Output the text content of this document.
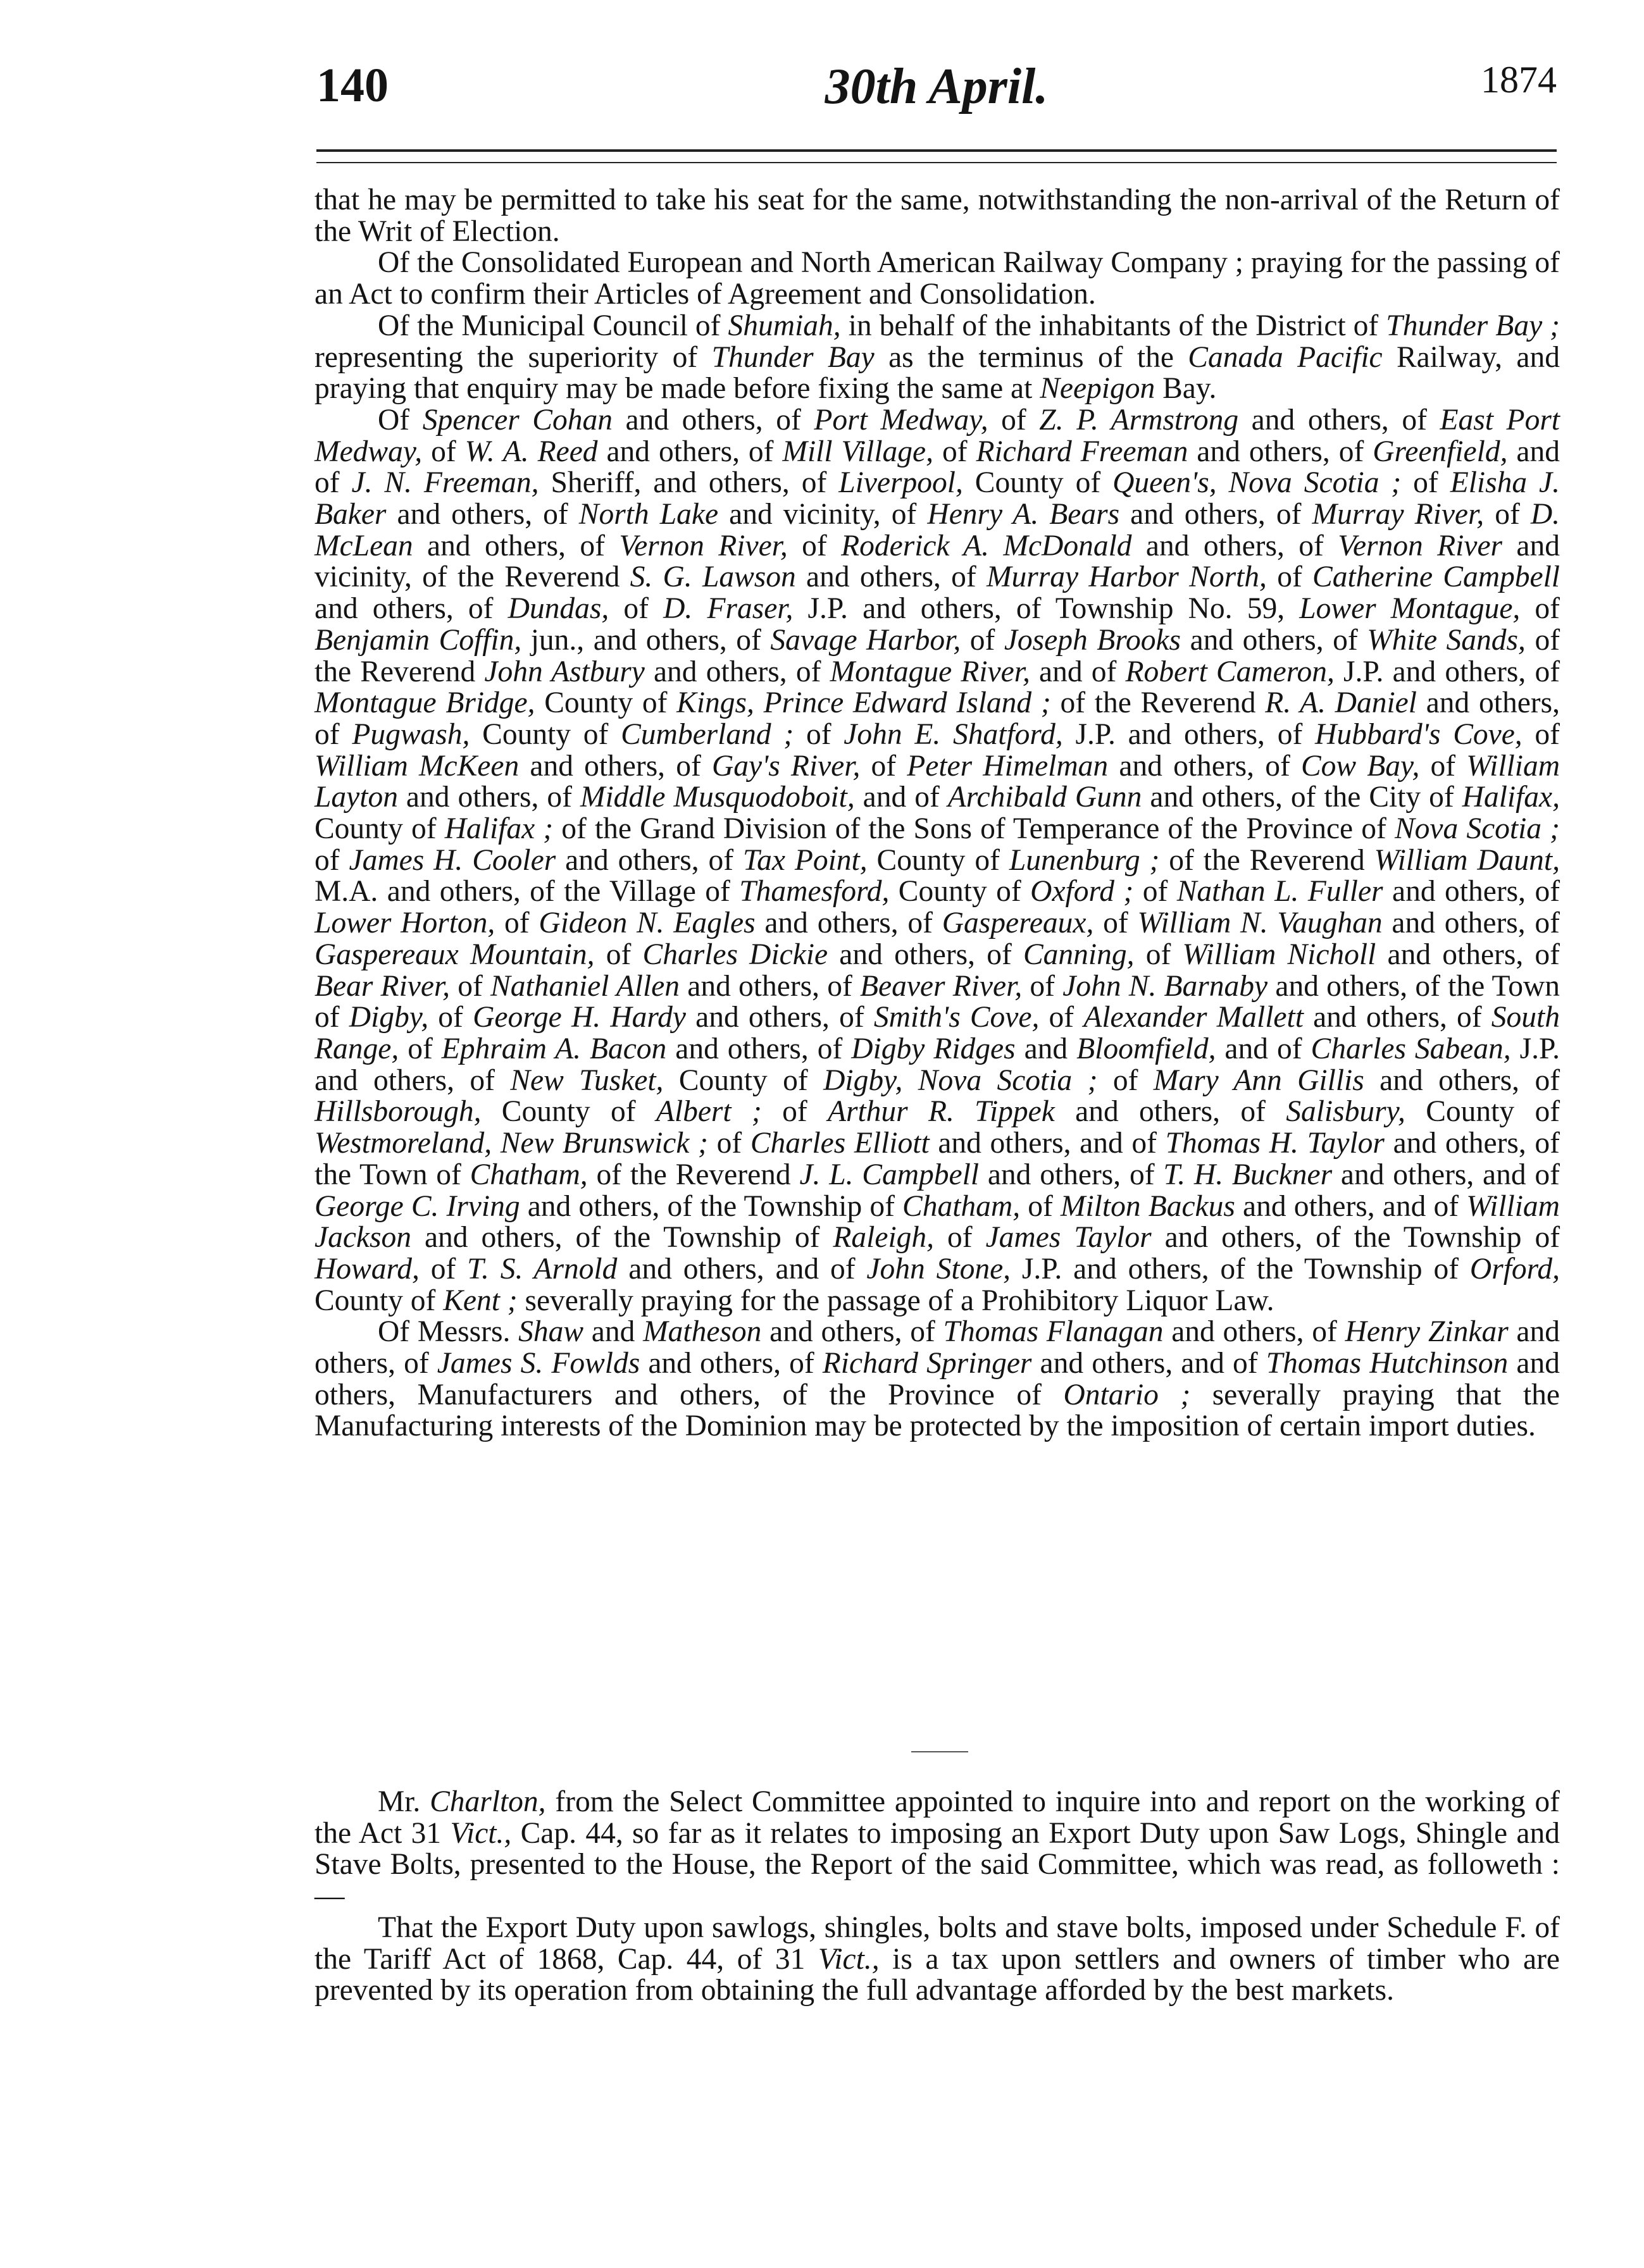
140	30th April.	1874

that he may be permitted to take his seat for the same, notwithstanding the non-arrival of the Return of the Writ of Election.

Of the Consolidated European and North American Railway Company ; praying for the passing of an Act to confirm their Articles of Agreement and Consolidation.

Of the Municipal Council of Shumiah, in behalf of the inhabitants of the District of Thunder Bay ; representing the superiority of Thunder Bay as the terminus of the Canada Pacific Railway, and praying that enquiry may be made before fixing the same at Neepigon Bay.

Of Spencer Cohan and others, of Port Medway, of Z. P. Armstrong and others, of East Port Medway, of W. A. Reed and others, of Mill Village, of Richard Freeman and others, of Greenfield, and of J. N. Freeman, Sheriff, and others, of Liverpool, County of Queen's, Nova Scotia ; of Elisha J. Baker and others, of North Lake and vicinity, of Henry A. Bears and others, of Murray River, of D. McLean and others, of Vernon River, of Roderick A. McDonald and others, of Vernon River and vicinity, of the Reverend S. G. Lawson and others, of Murray Harbor North, of Catherine Campbell and others, of Dundas, of D. Fraser, J.P. and others, of Township No. 59, Lower Montague, of Benjamin Coffin, jun., and others, of Savage Harbor, of Joseph Brooks and others, of White Sands, of the Reverend John Astbury and others, of Montague River, and of Robert Cameron, J.P. and others, of Montague Bridge, County of Kings, Prince Edward Island ; of the Reverend R. A. Daniel and others, of Pugwash, County of Cumberland ; of John E. Shatford, J.P. and others, of Hubbard's Cove, of William McKeen and others, of Gay's River, of Peter Himelman and others, of Cow Bay, of William Layton and others, of Middle Musquodoboit, and of Archibald Gunn and others, of the City of Halifax, County of Halifax ; of the Grand Division of the Sons of Temperance of the Province of Nova Scotia ; of James H. Cooler and others, of Tax Point, County of Lunenburg ; of the Reverend William Daunt, M.A. and others, of the Village of Thamesford, County of Oxford ; of Nathan L. Fuller and others, of Lower Horton, of Gideon N. Eagles and others, of Gaspereaux, of William N. Vaughan and others, of Gaspereaux Mountain, of Charles Dickie and others, of Canning, of William Nicholl and others, of Bear River, of Nathaniel Allen and others, of Beaver River, of John N. Barnaby and others, of the Town of Digby, of George H. Hardy and others, of Smith's Cove, of Alexander Mallett and others, of South Range, of Ephraim A. Bacon and others, of Digby Ridges and Bloomfield, and of Charles Sabean, J.P. and others, of New Tusket, County of Digby, Nova Scotia ; of Mary Ann Gillis and others, of Hillsborough, County of Albert ; of Arthur R. Tippek and others, of Salisbury, County of Westmoreland, New Brunswick ; of Charles Elliott and others, and of Thomas H. Taylor and others, of the Town of Chatham, of the Reverend J. L. Campbell and others, of T. H. Buckner and others, and of George C. Irving and others, of the Township of Chatham, of Milton Backus and others, and of William Jackson and others, of the Township of Raleigh, of James Taylor and others, of the Township of Howard, of T. S. Arnold and others, and of John Stone, J.P. and others, of the Township of Orford, County of Kent ; severally praying for the passage of a Prohibitory Liquor Law.

Of Messrs. Shaw and Matheson and others, of Thomas Flanagan and others, of Henry Zinkar and others, of James S. Fowlds and others, of Richard Springer and others, and of Thomas Hutchinson and others, Manufacturers and others, of the Province of Ontario ; severally praying that the Manufacturing interests of the Dominion may be protected by the imposition of certain import duties.

Mr. Charlton, from the Select Committee appointed to inquire into and report on the working of the Act 31 Vict., Cap. 44, so far as it relates to imposing an Export Duty upon Saw Logs, Shingle and Stave Bolts, presented to the House, the Report of the said Committee, which was read, as followeth :—

That the Export Duty upon sawlogs, shingles, bolts and stave bolts, imposed under Schedule F. of the Tariff Act of 1868, Cap. 44, of 31 Vict., is a tax upon settlers and owners of timber who are prevented by its operation from obtaining the full advantage afforded by the best markets.
